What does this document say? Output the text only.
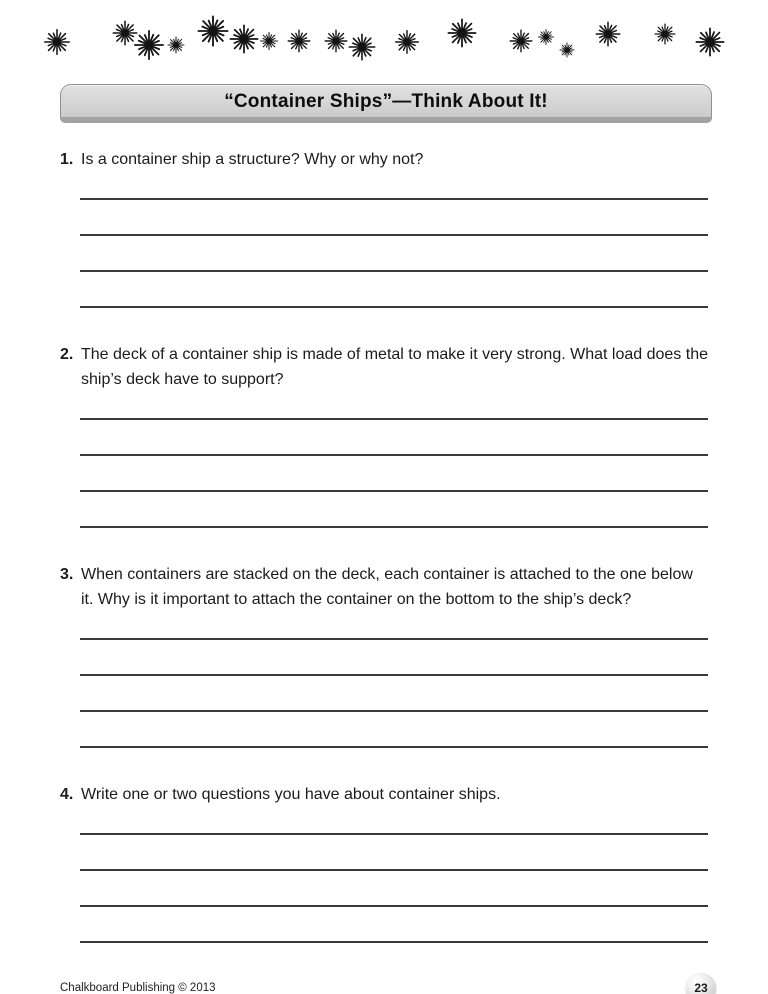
“Container Ships”—Think About It!
1. Is a container ship a structure? Why or why not?
2. The deck of a container ship is made of metal to make it very strong. What load does the ship’s deck have to support?
3. When containers are stacked on the deck, each container is attached to the one below it. Why is it important to attach the container on the bottom to the ship’s deck?
4. Write one or two questions you have about container ships.
Chalkboard Publishing © 2013	23
